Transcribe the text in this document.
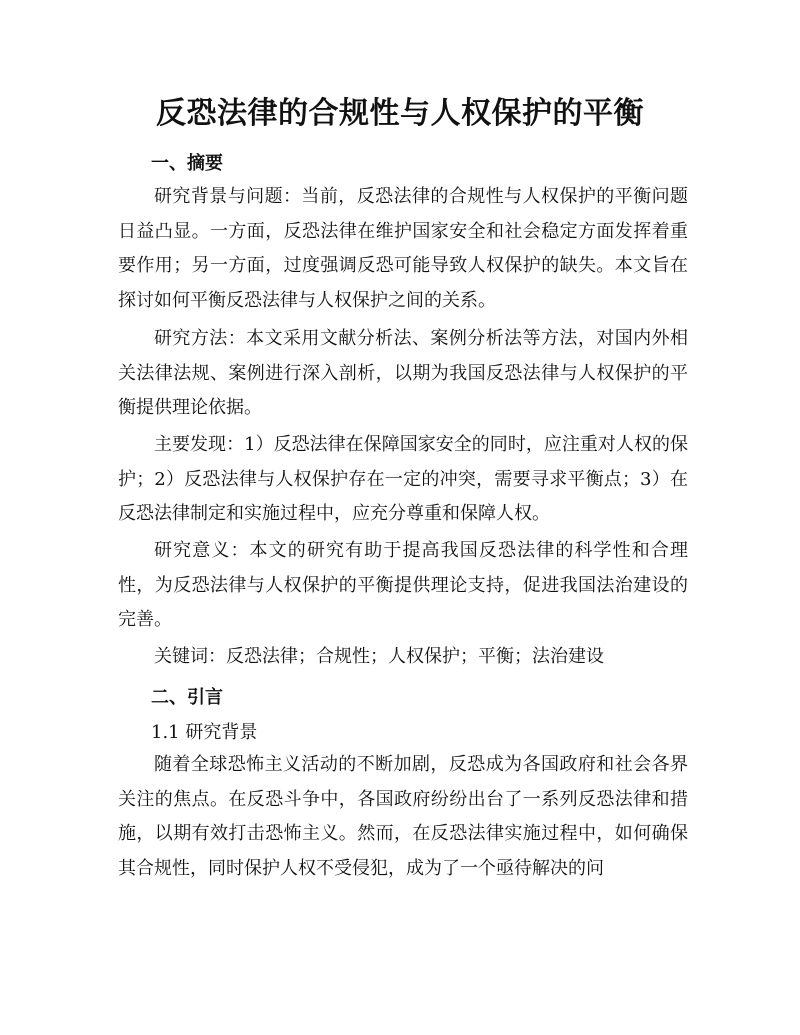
反恐法律的合规性与人权保护的平衡
一、摘要

研究背景与问题：当前，反恐法律的合规性与人权保护的平衡问题日益凸显。一方面，反恐法律在维护国家安全和社会稳定方面发挥着重要作用；另一方面，过度强调反恐可能导致人权保护的缺失。本文旨在探讨如何平衡反恐法律与人权保护之间的关系。

研究方法：本文采用文献分析法、案例分析法等方法，对国内外相关法律法规、案例进行深入剖析，以期为我国反恐法律与人权保护的平衡提供理论依据。

主要发现：1）反恐法律在保障国家安全的同时，应注重对人权的保护；2）反恐法律与人权保护存在一定的冲突，需要寻求平衡点；3）在反恐法律制定和实施过程中，应充分尊重和保障人权。

研究意义：本文的研究有助于提高我国反恐法律的科学性和合理性，为反恐法律与人权保护的平衡提供理论支持，促进我国法治建设的完善。

关键词：反恐法律；合规性；人权保护；平衡；法治建设

二、引言
1.1 研究背景

随着全球恐怖主义活动的不断加剧，反恐成为各国政府和社会各界关注的焦点。在反恐斗争中，各国政府纷纷出台了一系列反恐法律和措施，以期有效打击恐怖主义。然而，在反恐法律实施过程中，如何确保其合规性，同时保护人权不受侵犯，成为了一个亟待解决的问
